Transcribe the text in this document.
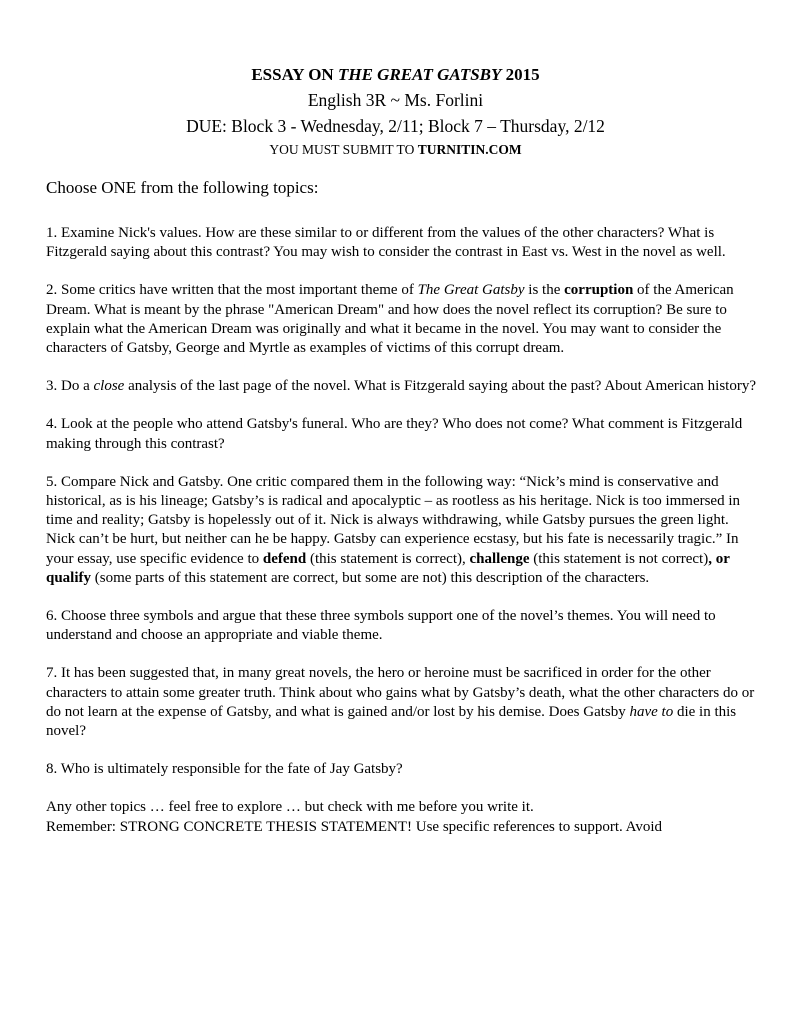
ESSAY ON THE GREAT GATSBY 2015
English 3R ~ Ms. Forlini
DUE: Block 3 - Wednesday, 2/11; Block 7 – Thursday, 2/12
YOU MUST SUBMIT TO TURNITIN.COM
Choose ONE from the following topics:

1. Examine Nick's values. How are these similar to or different from the values of the other characters? What is Fitzgerald saying about this contrast? You may wish to consider the contrast in East vs. West in the novel as well.

2. Some critics have written that the most important theme of The Great Gatsby is the corruption of the American Dream. What is meant by the phrase "American Dream" and how does the novel reflect its corruption? Be sure to explain what the American Dream was originally and what it became in the novel. You may want to consider the characters of Gatsby, George and Myrtle as examples of victims of this corrupt dream.

3. Do a close analysis of the last page of the novel. What is Fitzgerald saying about the past? About American history?

4. Look at the people who attend Gatsby's funeral. Who are they? Who does not come? What comment is Fitzgerald making through this contrast?

5. Compare Nick and Gatsby. One critic compared them in the following way: “Nick’s mind is conservative and historical, as is his lineage; Gatsby’s is radical and apocalyptic – as rootless as his heritage. Nick is too immersed in time and reality; Gatsby is hopelessly out of it. Nick is always withdrawing, while Gatsby pursues the green light. Nick can’t be hurt, but neither can he be happy. Gatsby can experience ecstasy, but his fate is necessarily tragic.” In your essay, use specific evidence to defend (this statement is correct), challenge (this statement is not correct), or qualify (some parts of this statement are correct, but some are not) this description of the characters.

6. Choose three symbols and argue that these three symbols support one of the novel’s themes. You will need to understand and choose an appropriate and viable theme.

7. It has been suggested that, in many great novels, the hero or heroine must be sacrificed in order for the other characters to attain some greater truth. Think about who gains what by Gatsby’s death, what the other characters do or do not learn at the expense of Gatsby, and what is gained and/or lost by his demise. Does Gatsby have to die in this novel?

8. Who is ultimately responsible for the fate of Jay Gatsby?

Any other topics … feel free to explore … but check with me before you write it.
Remember: STRONG CONCRETE THESIS STATEMENT! Use specific references to support. Avoid
